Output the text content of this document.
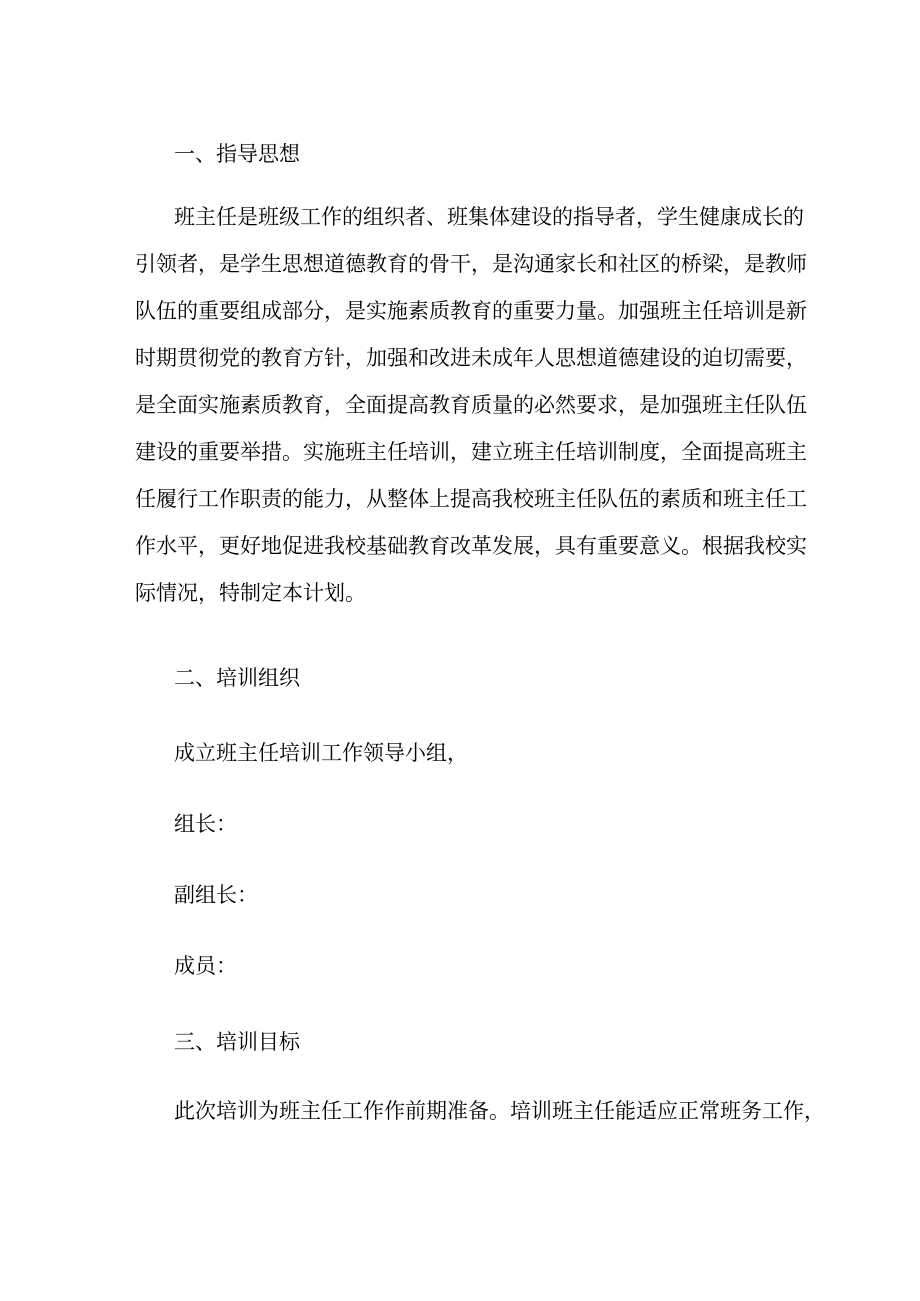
一、指导思想
班主任是班级工作的组织者、班集体建设的指导者，学生健康成长的
引领者，是学生思想道德教育的骨干，是沟通家长和社区的桥梁，是教师
队伍的重要组成部分，是实施素质教育的重要力量。加强班主任培训是新
时期贯彻党的教育方针，加强和改进未成年人思想道德建设的迫切需要，
是全面实施素质教育，全面提高教育质量的必然要求，是加强班主任队伍
建设的重要举措。实施班主任培训，建立班主任培训制度，全面提高班主
任履行工作职责的能力，从整体上提高我校班主任队伍的素质和班主任工
作水平，更好地促进我校基础教育改革发展，具有重要意义。根据我校实
际情况，特制定本计划。
二、培训组织
成立班主任培训工作领导小组，
组长：
副组长：
成员：
三、培训目标
此次培训为班主任工作作前期准备。培训班主任能适应正常班务工作，
